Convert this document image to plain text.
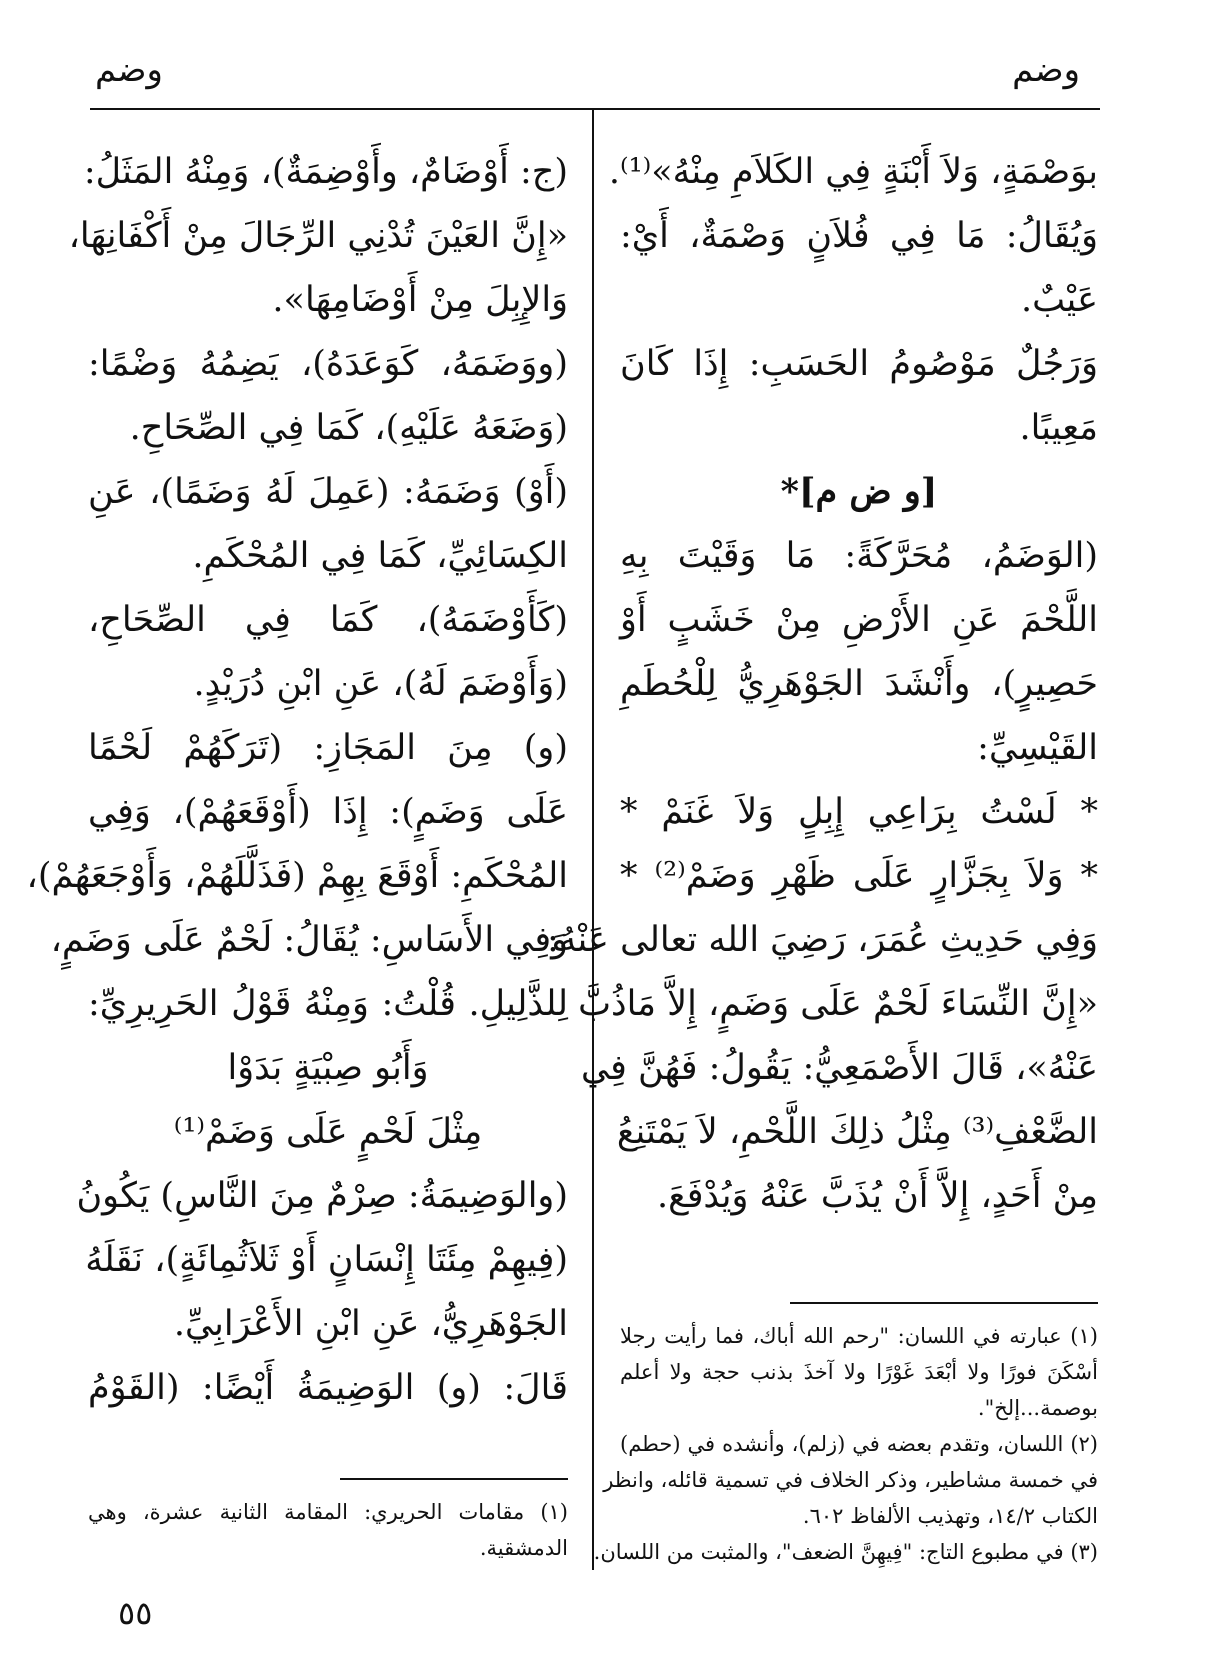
وضم
وضم
بوَصْمَةٍ، وَلاَ أَبْنَةٍ فِي الكَلاَمِ مِنْهُ»⁽¹⁾.
وَيُقَالُ: مَا فِي فُلاَنٍ وَصْمَةٌ، أَيْ:
عَيْبٌ.
وَرَجُلٌ مَوْصُومُ الحَسَبِ: إِذَا كَانَ
مَعِيبًا.
[و ض م]*
(الوَضَمُ، مُحَرَّكَةً: مَا وَقَيْتَ بِهِ
اللَّحْمَ عَنِ الأَرْضِ مِنْ خَشَبٍ أَوْ
حَصِيرٍ)، وأَنْشَدَ الجَوْهَرِيُّ لِلْحُطَمِ
القَيْسِيِّ:
* لَسْتُ بِرَاعِي إِبِلٍ وَلاَ غَنَمْ *
* وَلاَ بِجَزَّارٍ عَلَى ظَهْرِ وَضَمْ⁽²⁾ *
وَفِي حَدِيثِ عُمَرَ، رَضِيَ الله تعالى عَنْهُ:
«إِنَّ النِّسَاءَ لَحْمٌ عَلَى وَضَمٍ، إِلاَّ مَاذُبَّ
عَنْهُ»، قَالَ الأَصْمَعِيُّ: يَقُولُ: فَهُنَّ فِي
الضَّعْفِ⁽³⁾ مِثْلُ ذلِكَ اللَّحْمِ، لاَ يَمْتَنِعُ
مِنْ أَحَدٍ، إِلاَّ أَنْ يُذَبَّ عَنْهُ وَيُدْفَعَ.
(١) عبارته في اللسان: "رحم الله أباك، فما رأيت رجلا
أسْكَنَ فورًا ولا أبْعَدَ غَوْرًا ولا آخذَ بذنب حجة ولا أعلم
بوصمة...إلخ".
(٢) اللسان، وتقدم بعضه في (زلم)، وأنشده في (حطم)
في خمسة مشاطير، وذكر الخلاف في تسمية قائله، وانظر
الكتاب ١٤/٢، وتهذيب الألفاظ ٦٠٢.
(٣) في مطبوع التاج: "فِيهِنَّ الضعف"، والمثبت من اللسان.
(ج: أَوْضَامٌ، وأَوْضِمَةٌ)، وَمِنْهُ المَثَلُ:
«إِنَّ العَيْنَ تُدْنِي الرِّجَالَ مِنْ أَكْفَانِهَا،
وَالإِبِلَ مِنْ أَوْضَامِهَا».
(ووَضَمَهُ، كَوَعَدَهُ)، يَضِمُهُ وَضْمًا:
(وَضَعَهُ عَلَيْهِ)، كَمَا فِي الصِّحَاحِ.
(أَوْ) وَضَمَهُ: (عَمِلَ لَهُ وَضَمًا)، عَنِ
الكِسَائِيِّ، كَمَا فِي المُحْكَمِ.
(كَأَوْضَمَهُ)، كَمَا فِي الصِّحَاحِ،
(وَأَوْضَمَ لَهُ)، عَنِ ابْنِ دُرَيْدٍ.
(و) مِنَ المَجَازِ: (تَرَكَهُمْ لَحْمًا
عَلَى وَضَمٍ): إِذَا (أَوْقَعَهُمْ)، وَفِي
المُحْكَمِ: أَوْقَعَ بِهِمْ (فَذَلَّلَهُمْ، وَأَوْجَعَهُمْ)،
وَفِي الأَسَاسِ: يُقَالُ: لَحْمٌ عَلَى وَضَمٍ،
لِلذَّلِيلِ. قُلْتُ: وَمِنْهُ قَوْلُ الحَرِيرِيِّ:
وَأَبُو صِبْيَةٍ بَدَوْا
مِثْلَ لَحْمٍ عَلَى وَضَمْ⁽¹⁾
(والوَضِيمَةُ: صِرْمٌ مِنَ النَّاسِ) يَكُونُ
(فِيهِمْ مِئَتَا إِنْسَانٍ أَوْ ثَلاَثُمِائَةٍ)، نَقَلَهُ
الجَوْهَرِيُّ، عَنِ ابْنِ الأَعْرَابِيِّ.
قَالَ: (و) الوَضِيمَةُ أَيْضًا: (القَوْمُ
(١) مقامات الحريري: المقامة الثانية عشرة، وهي
الدمشقية.
٥٥
